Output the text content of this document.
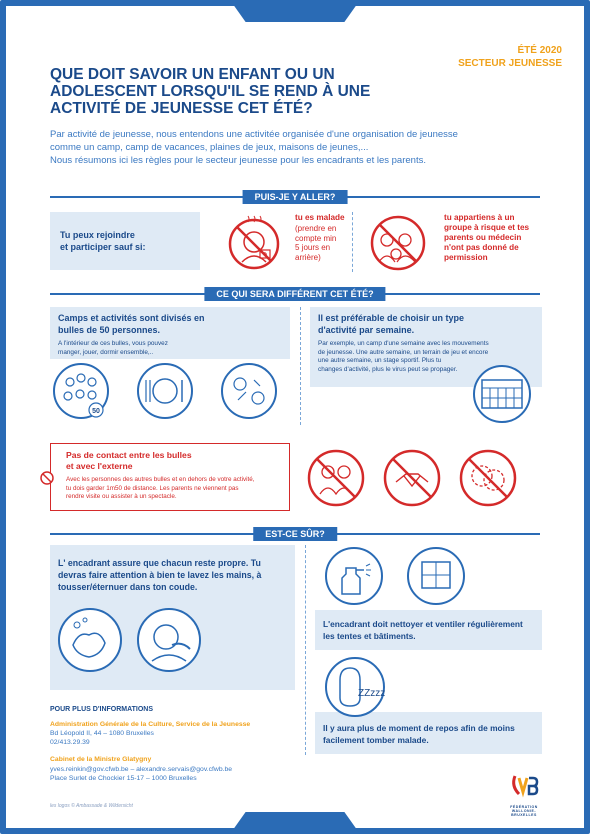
ÉTÉ 2020
SECTEUR JEUNESSE
QUE DOIT SAVOIR UN ENFANT OU UN ADOLESCENT LORSQU'IL SE REND À UNE ACTIVITÉ DE JEUNESSE CET ÉTÉ?
Par activité de jeunesse, nous entendons une activitée organisée d'une organisation de jeunesse
comme un camp, camp de vacances, plaines de jeux, maisons de jeunes,...
Nous résumons ici les règles pour le secteur jeunesse pour les encadrants et les parents.
PUIS-JE Y ALLER?
Tu peux rejoindre
et participer sauf si:
tu es malade
(prendre en
compte min
5 jours en
arrière)
tu appartiens à un
groupe à risque et tes
parents ou médecin
n'ont pas donné de
permission
CE QUI SERA DIFFÉRENT CET ÉTÉ?
Camps et activités sont divisés en
bulles de 50 personnes.
A l'intérieur de ces bulles, vous pouvez
manger, jouer, dormir ensemble,..
50
Il est préférable de choisir un type
d'activité par semaine.
Par exemple, un camp d'une semaine avec les mouvements
de jeunesse. Une autre semaine, un terrain de jeu et encore
une autre semaine, un stage sportif. Plus tu
changes d'activité, plus le virus peut se propager.
Pas de contact entre les bulles
et avec l'externe
Avec les personnes des autres bulles et en dehors de votre activité,
tu dois garder 1m50 de distance. Les parents ne viennent pas
rendre visite ou assister à un spectacle.
EST-CE SÛR?
L' encadrant assure que chacun reste propre. Tu
devras faire attention à bien te lavez les mains, à
tousser/éternuer dans ton coude.
L'encadrant doit nettoyer et ventiler régulièrement
les tentes et bâtiments.
ZZzzz
Il y aura plus de moment de repos afin de moins
facilement tomber malade.
POUR PLUS D'INFORMATIONS
Administration Générale de la Culture, Service de la Jeunesse
Bd Léopold II, 44 – 1080 Bruxelles
02/413.29.39
Cabinet de la Ministre Glatygny
yves.reinkin@gov.cfwb.be – alexandre.servais@gov.cfwb.be
Place Surlet de Chockier 15-17 – 1000 Bruxelles
les logos © Ambassade & Wildersicht	FÉDÉRATION WALLONIE-BRUXELLES
